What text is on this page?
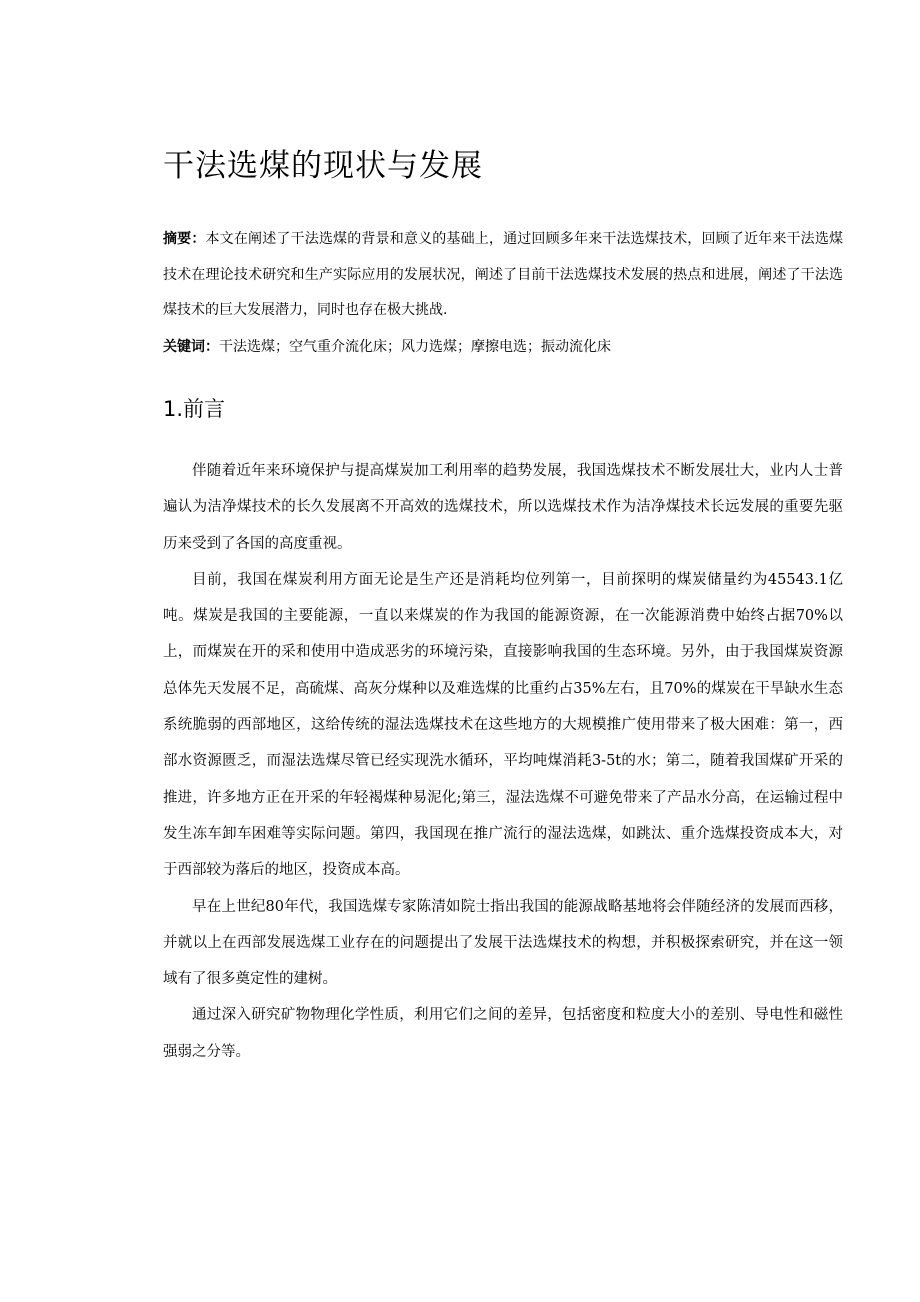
干法选煤的现状与发展

摘要：本文在阐述了干法选煤的背景和意义的基础上，通过回顾多年来干法选煤技术，回顾了近年来干法选煤技术在理论技术研究和生产实际应用的发展状况，阐述了目前干法选煤技术发展的热点和进展，阐述了干法选煤技术的巨大发展潜力，同时也存在极大挑战.

关键词：干法选煤；空气重介流化床；风力选煤；摩擦电选；振动流化床

1.前言

伴随着近年来环境保护与提高煤炭加工利用率的趋势发展，我国选煤技术不断发展壮大，业内人士普遍认为洁净煤技术的长久发展离不开高效的选煤技术，所以选煤技术作为洁净煤技术长远发展的重要先驱历来受到了各国的高度重视。

目前，我国在煤炭利用方面无论是生产还是消耗均位列第一，目前探明的煤炭储量约为45543.1亿吨。煤炭是我国的主要能源，一直以来煤炭的作为我国的能源资源，在一次能源消费中始终占据70%以上，而煤炭在开的采和使用中造成恶劣的环境污染，直接影响我国的生态环境。另外，由于我国煤炭资源总体先天发展不足，高硫煤、高灰分煤种以及难选煤的比重约占35%左右，且70%的煤炭在干旱缺水生态系统脆弱的西部地区，这给传统的湿法选煤技术在这些地方的大规模推广使用带来了极大困难：第一，西部水资源匮乏，而湿法选煤尽管已经实现洗水循环，平均吨煤消耗3-5t的水；第二，随着我国煤矿开采的推进，许多地方正在开采的年轻褐煤种易泥化;第三，湿法选煤不可避免带来了产品水分高，在运输过程中发生冻车卸车困难等实际问题。第四，我国现在推广流行的湿法选煤，如跳汰、重介选煤投资成本大，对于西部较为落后的地区，投资成本高。

早在上世纪80年代，我国选煤专家陈清如院士指出我国的能源战略基地将会伴随经济的发展而西移，并就以上在西部发展选煤工业存在的问题提出了发展干法选煤技术的构想，并积极探索研究，并在这一领域有了很多奠定性的建树。

通过深入研究矿物物理化学性质，利用它们之间的差异，包括密度和粒度大小的差别、导电性和磁性强弱之分等。
